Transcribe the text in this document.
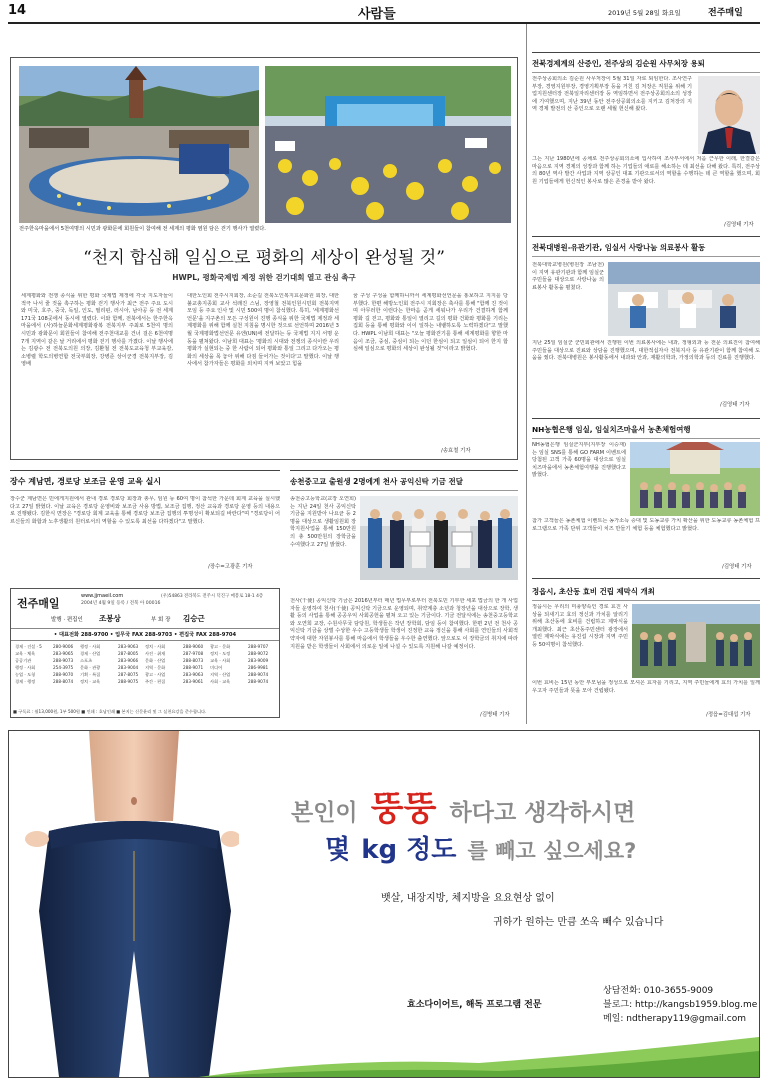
14	사람들	2019년 5월 28일 화요일	전주매일
전주한옥마을에서 5천여명의 시민과 광화문에 회원들이 참여해 전 세계의 평화 염원 담은 걷기 행사가 열렸다.
“천지 합심해 일심으로 평화의 세상이 완성될 것”
HWPL, 평화국제법 제정 위한 걷기대회 열고 관심 촉구
세계평화와 전쟁 종식을 위한 평화 국제법 제정에 각국 지도자들이 적극 나서 줄 것을 촉구하는 평화 걷기 행사가 최근 전주 주요 도시와 미국, 호주, 중국, 독일, 인도, 필리핀, 러시아, 남아공 등 전 세계 171국 108곳에서 동시에 열렸다. 이와 함께, 전북에서는 한주한옥마을에서 (사)하늘문화세계평화광복 전북지부 주최로 5천여 명의 시민과 광화문이 회원들이 참여해 전주천대교를 건너 걸은 6천여명 7개 지역이 같은 날 거리에서 평화 걷기 행사를 가졌다. 이날 행사에는 김광수 전 전북도의원 의장, 김환철 전 전북도교육청 부교육감, 소병렬 학도의병연합 전국부회장, 강병준 상이군경 전북지부장, 김영배
대한노인회 전주시지회장, 소순길 전북노인복지효문화원 회장, 대한불교총지종회 교사 석래진 스님, 장영철 전북인원시민회 전북지역 모임 등 주요 인사 및 시민 500여 명이 참석했다. 특히, '세계평화선언문'을 지구촌의 모든 구성원이 진행 종식을 위한 국제법 제정과 세계평화를 위해 함께 실천 지침을 명시한 것으로 선언하며 2016년 3월 국제평화법선언문 유엔(UN)에 전달하는 등 국제법 지지 서명 운동을 펼쳐왔다. 이남희 대표는 '평화의 시대와 전쟁의 종식이란 우리 평화가 실현되는 중 한 사람이 되어 평화와 통일 그리고 다가오는 평화의 세상을 목 놓아 위해 다짐 들어가는 것이다'고 말했다. 이날 행사에서 참가자들은 평화를 외치며 지켜 보았고 힘을
꿈 구성 구성을 함께하니까서 세계평화선언문을 홍보하고 지지를 당부했다. 한편 해방노인회 전주시 지회장은 축사를 통해 "함께 진 것이며 아무러한 이런다는 한마음 곧게 세워나가 우리가 건결하게 함께 평화 길 걷고, 평화와 통일이 열리고 길의 평화 건화와 평화를 기리는 집회 등을 통해 평화와 이이 일하는 내뱉하도록 노력하겠다"고 말했다. HWPL 이남희 대표는 "오늘 평화걷기를 통해 세계평화를 향한 마음이 조금, 중심, 중심이 되는 이던 한심이 되고 일심이 되어 한지 합심해 일심으로 평화의 세상이 완성될 것"이라고 밝혔다.
/송효철 기자
장수 계남면, 경로당 보조금 운영 교육 실시
장수군 계남면은 민에게지원에서 관내 경로 경로당 회장과 총무, 임원 등 60여 명이 참석한 가운데 회계 교육을 실시했다고 27일 밝혔다. 이날 교육은 경로당 운영비와 보조금 사용 방법, 보조금 집행, 정산 교육과 경로당 운영 등의 내용으로 진행됐다. 김한식 면장은 "경로당 회계 교육을 통해 경로당 보조금 집행의 투명성이 확보되길 바란다"며 "경로당이 어르신들의 화합과 노후생활의 원터로서의 역할을 수 있도록 최선을 다하겠다"고 말했다.
/장수=고광훈 기자
전주매일
www.jjmaeil.com
2004년 4월 9일 등록 / 전북 아 00016
(우)54863 전라북도 전주시 덕진구 매봉로 18-1 4층
발행 · 편집인 조봉상	부 회 장 김승근
• 대표전화 288-9700 • 업무국 FAX 288-9703 • 편집국 FAX 288-9704
경제 · 건설 · 5	280-9006	행정 · 사회	283-9063	정치 · 사회	288-9060	광고 · 문화	288-9707
교육 · 체육	283-9065	경제 · 산업	287-8005	사진 · 취재	287-9708	정치 · 도정	288-9072
공공기관	288-9073	스포츠	283-9066	문화 · 산업	288-8073	교육 · 사회	283-9009
행정 · 사회	254-3975	문화 · 관광	283-9004	지역 · 문화	288-9071	미디어	286-9981
농업 · 도청	288-9070	기획 · 특집	287-8075	광고 · 사업	283-9063	지역 · 산업	288-9074
경제 · 행정	288-8074	정치 · 교육	288-9075	주간 · 편집	283-9061	사회 · 교육	288-9074
■ 구독료 : 월13,000원, 1부 500원 ■ 인쇄 : 호남인쇄 ■ 본지는 신문윤리 및 그 실천요강을 준수합니다.
송천중고교 출원생 2명에게 천사 공익신탁 기금 전달
송천중고등학교(교장 오연희)는 지난 24일 천사 공익신탁 기금을 지원받아 나요균 등 2명을 대상으로 생활임원회 장학지원사업을 통해 150만원의 총 500만원의 장학금을 수여했다고 27일 밝혔다.
천사(千使) 공익신탁 기금은 2016년부터 매년 법무부로부터 전북도민 기부한 세포 법금의 한 개 사업자들 운영하여 천사(千使) 공익신탁 기금으로 운영되며, 취약계층 소년과 청장년을 대상으로 장학, 생활 등의 사업을 통해 공공우익 사회공헌을 펼쳐 오고 있는 기금이다. 기금 전달식에는 송천중고등학교와 오연희 교장, 수원사무국 담당원, 학생들은 작년 장학회, 담임 등이 참여했다. 한편 2년 전 천사 공익신탁 기금을 상벌 수상한 우수 고등학생들 학생이 진정한 교육 정신을 통해 사회를 연인들의 사회적 약자에 대한 자원봉사를 통해 마음에서 학생들을 우수한 출연했다. 앞으로도 이 장학금의 취지에 따라 지원을 받은 학생들이 사회에서 의로운 일에 나설 수 있도록 지원해 나갈 예정이다.
/김병태 기자
전북경제계의 산증인, 전주상의 김순원 사무처장 용퇴
전주상공회의소 김순원 사무처장이 5월 31일 자로 퇴임한다. 조사연구부장, 경영지원부장, 경영기획부장 등을 거친 김 처장은 직원을 위해 기업지원센터장 전북일자리센터장 등 역임하면서 전주상공회의소의 성장에 기여했으며, 지난 39년 동안 전주상공회의소를 지키고 김처장의 지역 경제 발전의 산 증인으로 오랜 세월 헌신해 왔다.
그는 지난 1980년에 공채로 전주상공회의소에 입사하여 조사부서에서 처음 근무한 이래, 한결같은 마음으로 지역 경제의 성장과 함께 하는 기업들의 애로를 해소하는 데 최선을 다해 왔다. 특히, 전주상의 80년 역사 발간 사업과 지역 상공인 대표 기관으로서의 역할을 수행하는 데 큰 역할을 했으며, 회원 기업들에게 헌신적인 봉사로 많은 존경을 받아 왔다.
/김영태 기자
전북대병원-유관기관, 임실서 사랑나눔 의료봉사 활동
전북대학교병원(병원장 조남천)이 지역 유관기관과 함께 임실군 주민들을 대상으로 사랑나눔 의료봉사 활동을 펼쳤다.
지난 25일 임실군 군민회관에서 진행된 이번 의료봉사에는 내과, 정형외과 등 전문 의료진이 참여해 주민들을 대상으로 진료와 상담을 진행했으며, 대한적십자사 전북지사 등 유관기관이 함께 참여해 도움을 줬다. 전북대병원은 봉사활동에서 내과와 안과, 재활의학과, 가정의학과 등의 진료를 진행했다.
/김영태 기자
NH농협은행 임실, 임실치즈마을서 농촌체험여행
NH농협은행 임실군지부(지부장 이승재)는 임실 SNS를 통해 GO FARM 이벤트에 당첨된 고객 가족 60명을 대상으로 임실 치즈마을에서 농촌체험여행을 진행했다고 밝혔다.
참가 고객들은 농촌체험 이벤트는 농가소득 증대 및 도농교류 가치 확산을 위한 도농교류 농촌체험 프로그램으로 가족 단위 고객들이 치즈 만들기 체험 등을 체험했다고 밝혔다.
/김영태 기자
정읍시, 초산동 효비 건립 제막식 개최
정읍시는 우리의 미풍양속인 경로 효친 사상을 되새기고 효의 정신과 가치를 알리기 위해 초산동에 효비를 건립하고 제막식을 개최했다. 최근 초산동주민센터 광장에서 열린 제막식에는 유진섭 시장과 지역 주민 등 50여명이 참석했다.
이번 효비는 15년 동안 부모님을 정성으로 모셔온 효자를 기리고, 지역 주민들에게 효의 가치를 일깨우고자 주민들과 뜻을 모아 건립됐다.
/정읍=김대섭 기자
본인이 뚱뚱 하다고 생각하시면
몇 kg 정도 를 빼고 싶으세요?
뱃살, 내장지방, 체지방을 요요현상 없이
귀하가 원하는 만큼 쏘옥 빼수 있습니다
효소다이어트, 해독 프로그램 전문
상담전화: 010-3655-9009
블로그: http://kangsb1959.blog.me
메일: ndtherapy119@gmail.com
